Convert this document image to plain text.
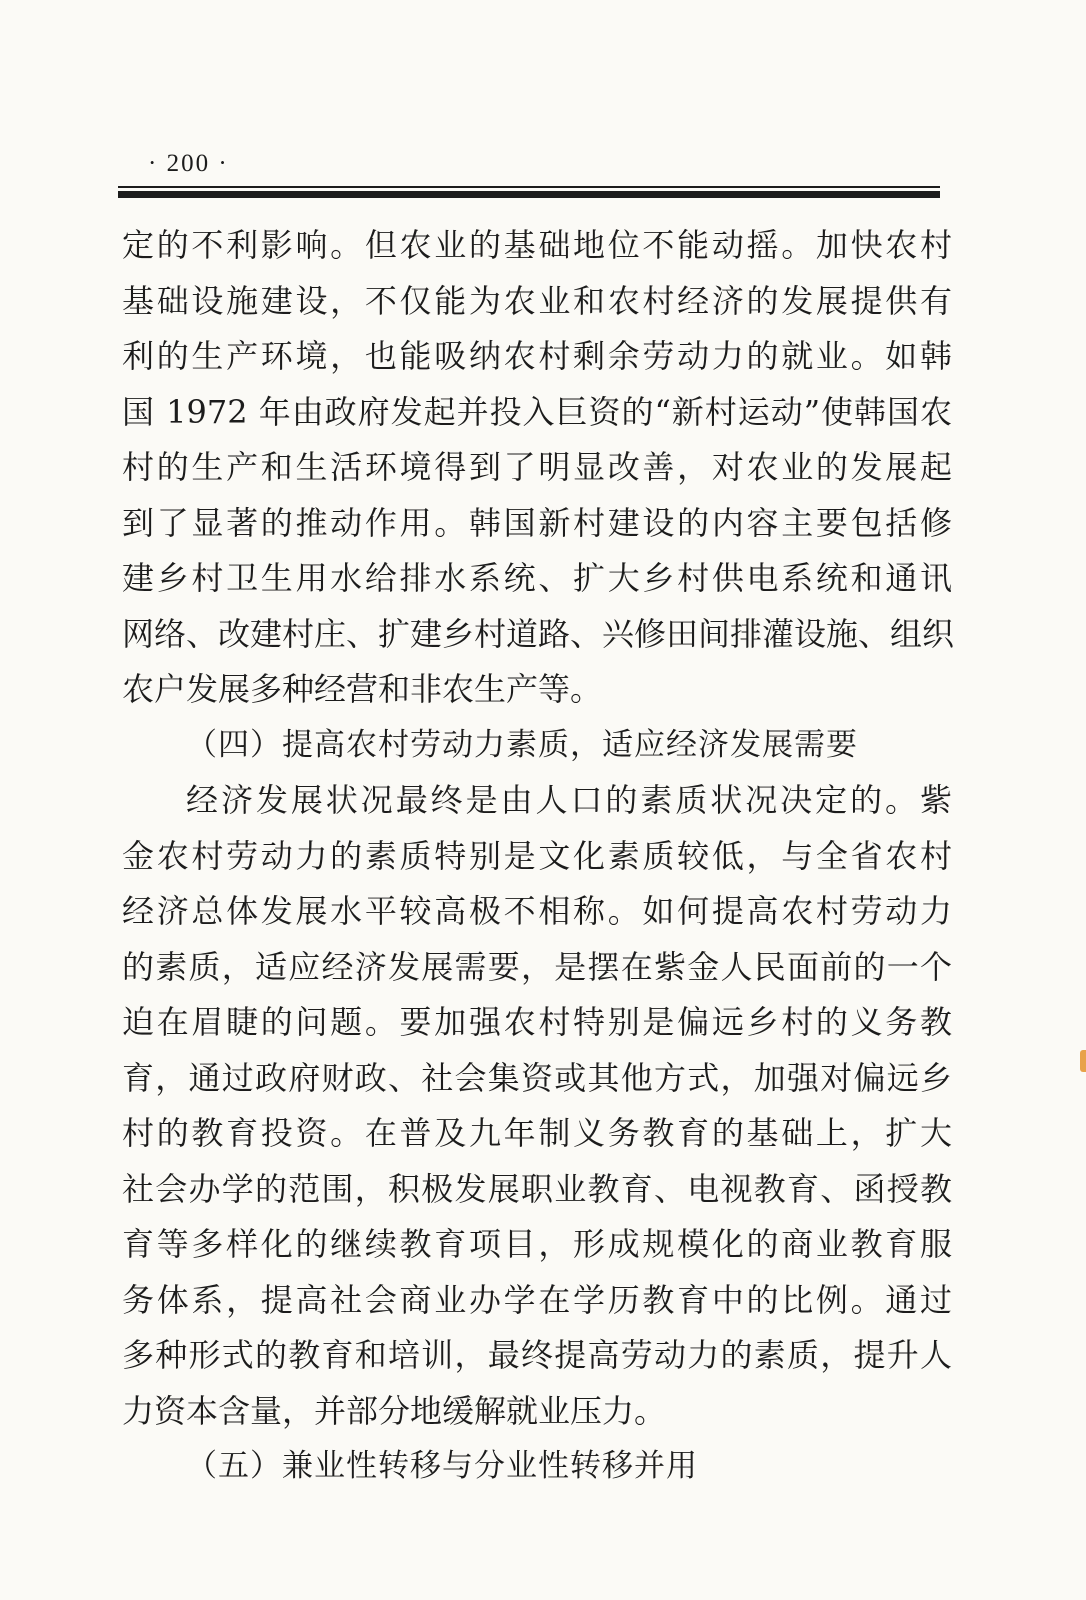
· 200 ·
定的不利影响。但农业的基础地位不能动摇。加快农村
基础设施建设，不仅能为农业和农村经济的发展提供有
利的生产环境，也能吸纳农村剩余劳动力的就业。如韩
国 1972 年由政府发起并投入巨资的“新村运动”使韩国农
村的生产和生活环境得到了明显改善，对农业的发展起
到了显著的推动作用。韩国新村建设的内容主要包括修
建乡村卫生用水给排水系统、扩大乡村供电系统和通讯
网络、改建村庄、扩建乡村道路、兴修田间排灌设施、组织
农户发展多种经营和非农生产等。
（四）提高农村劳动力素质，适应经济发展需要
经济发展状况最终是由人口的素质状况决定的。紫
金农村劳动力的素质特别是文化素质较低，与全省农村
经济总体发展水平较高极不相称。如何提高农村劳动力
的素质，适应经济发展需要，是摆在紫金人民面前的一个
迫在眉睫的问题。要加强农村特别是偏远乡村的义务教
育，通过政府财政、社会集资或其他方式，加强对偏远乡
村的教育投资。在普及九年制义务教育的基础上，扩大
社会办学的范围，积极发展职业教育、电视教育、函授教
育等多样化的继续教育项目，形成规模化的商业教育服
务体系，提高社会商业办学在学历教育中的比例。通过
多种形式的教育和培训，最终提高劳动力的素质，提升人
力资本含量，并部分地缓解就业压力。
（五）兼业性转移与分业性转移并用
